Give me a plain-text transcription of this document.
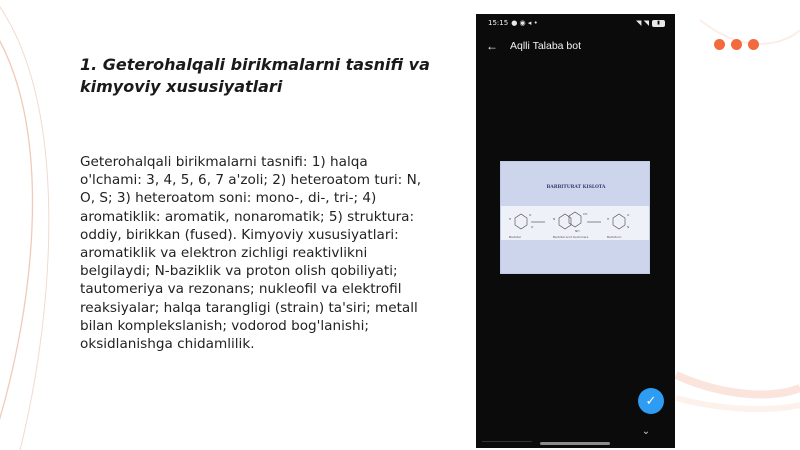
1. Geterohalqali birikmalarni tasnifi va kimyoviy xususiyatlari
Geterohalqali birikmalarni tasnifi: 1) halqa o'lchami: 3, 4, 5, 6, 7 a'zoli; 2) heteroatom turi: N, O, S; 3) heteroatom soni: mono-, di-, tri-; 4) aromatiklik: aromatik, nonaromatik; 5) struktura: oddiy, birikkan (fused). Kimyoviy xususiyatlari: aromatiklik va elektron zichligi reaktivlikni belgilaydi; N-baziklik va proton olish qobiliyati; tautomeriya va rezonans; nukleofil va elektrofil reaksiyalar; halqa tarangligi (strain) ta'siri; metall bilan komplekslanish; vodorod bog'lanishi; oksidlanishga chidamlilik.
15:15 ● ◉ ◂ •	◥ ◥	▮
←	Aqlli Talaba bot
H
O
O
N
CH
NH
H
O
N
Barbital	Barbital acid tautomers	Barbituric
BARBITURAT KISLOTA
✓
⌄
